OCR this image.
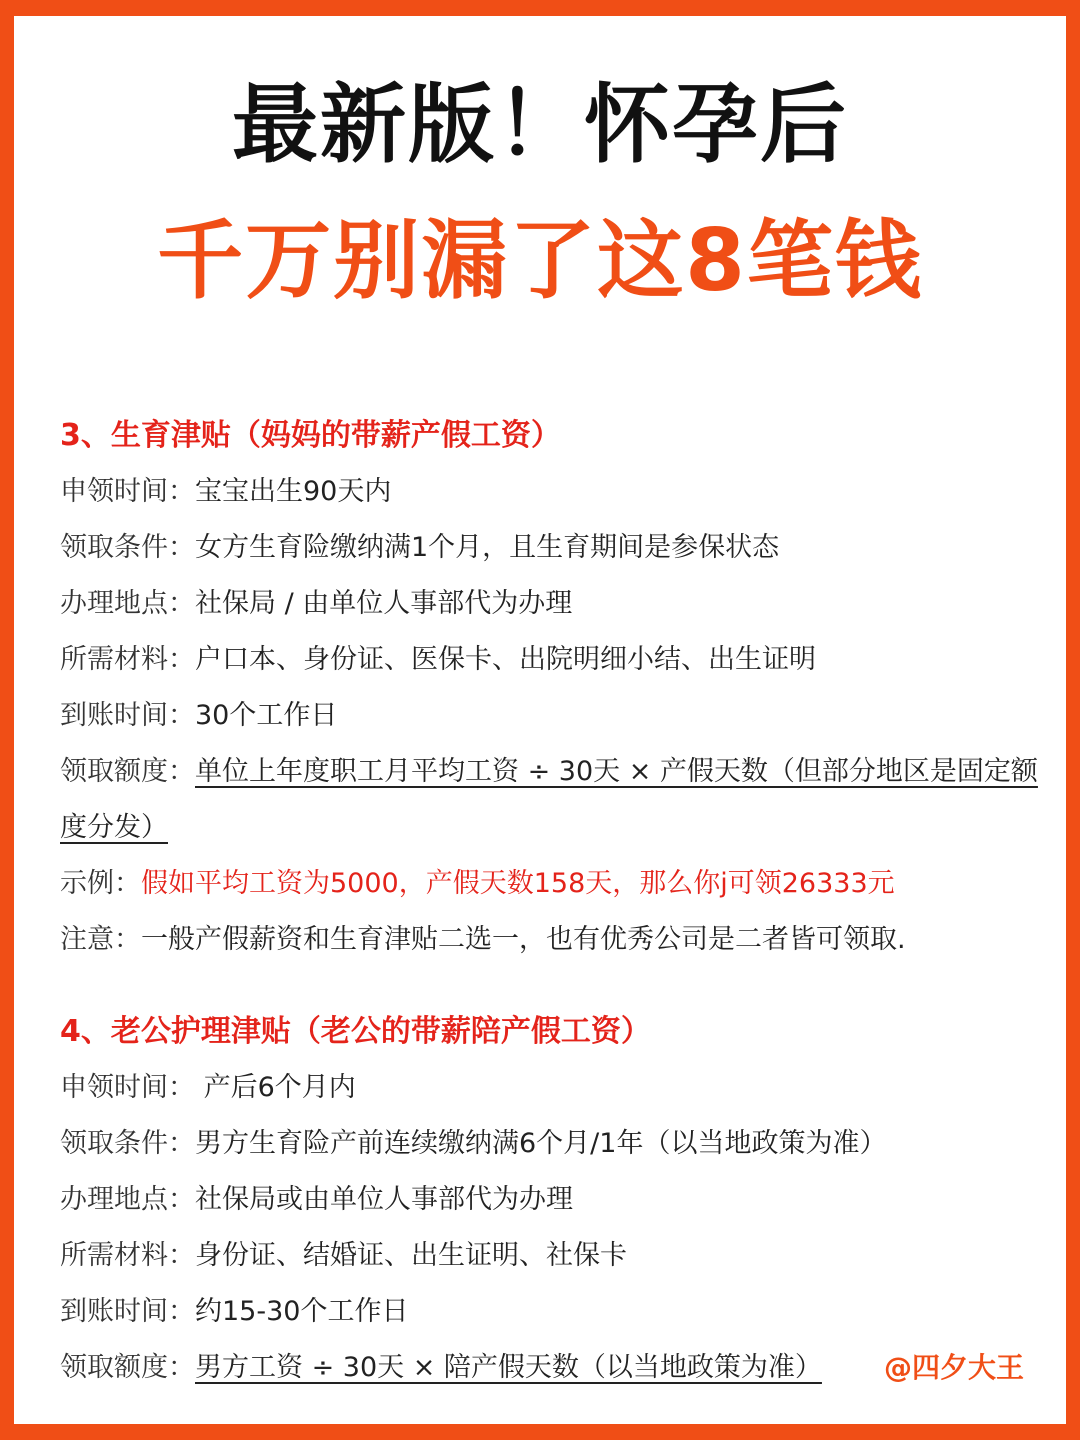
最新版！怀孕后
千万别漏了这8笔钱
3、生育津贴（妈妈的带薪产假工资）
申领时间：宝宝出生90天内
领取条件：女方生育险缴纳满1个月，且生育期间是参保状态
办理地点：社保局 / 由单位人事部代为办理
所需材料：户口本、身份证、医保卡、出院明细小结、出生证明
到账时间：30个工作日
领取额度：单位上年度职工月平均工资 ÷ 30天 × 产假天数（但部分地区是固定额度分发）
示例：假如平均工资为5000，产假天数158天，那么你j可领26333元
注意：一般产假薪资和生育津贴二选一，也有优秀公司是二者皆可领取.
4、老公护理津贴（老公的带薪陪产假工资）
申领时间： 产后6个月内
领取条件：男方生育险产前连续缴纳满6个月/1年（以当地政策为准）
办理地点：社保局或由单位人事部代为办理
所需材料：身份证、结婚证、出生证明、社保卡
到账时间：约15-30个工作日
领取额度：男方工资 ÷ 30天 × 陪产假天数（以当地政策为准）	@四夕大王
